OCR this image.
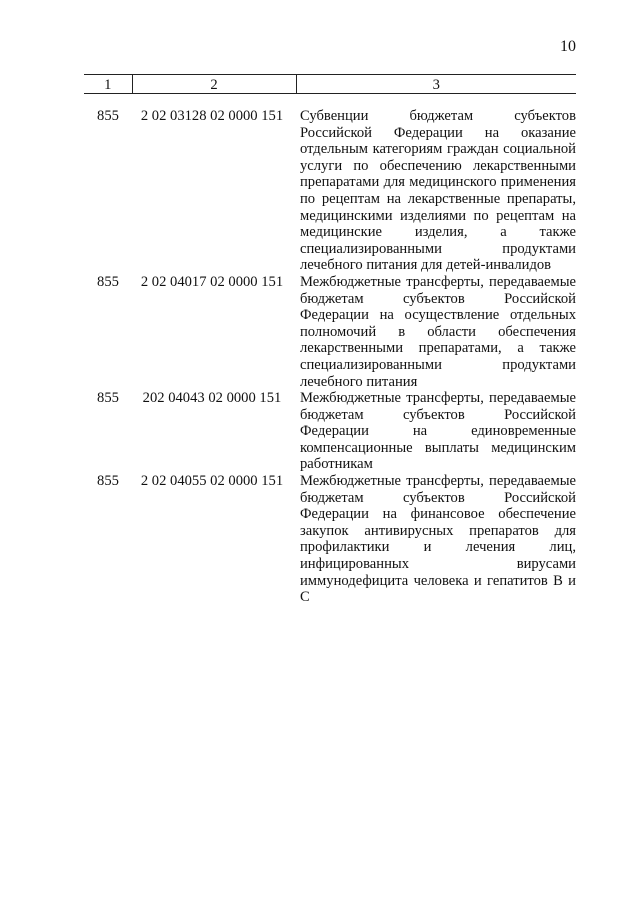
10
1	2	3

855	2 02 03128 02 0000 151	Субвенции бюджетам субъектов Российской Федерации на оказание отдельным категориям граждан социальной услуги по обеспечению лекарственными препаратами для медицинского применения по рецептам на лекарственные препараты, медицинскими изделиями по рецептам на медицинские изделия, а также специализированными продуктами лечебного питания для детей-инвалидов
855	2 02 04017 02 0000 151	Межбюджетные трансферты, передаваемые бюджетам субъектов Российской Федерации на осуществление отдельных полномочий в области обеспечения лекарственными препаратами, а также специализированными продуктами лечебного питания
855	202 04043 02 0000 151	Межбюджетные трансферты, передаваемые бюджетам субъектов Российской Федерации на единовременные компенсационные выплаты медицинским работникам
855	2 02 04055 02 0000 151	Межбюджетные трансферты, передаваемые бюджетам субъектов Российской Федерации на финансовое обеспечение закупок антивирусных препаратов для профилактики и лечения лиц, инфицированных вирусами иммунодефицита человека и гепатитов В и С
